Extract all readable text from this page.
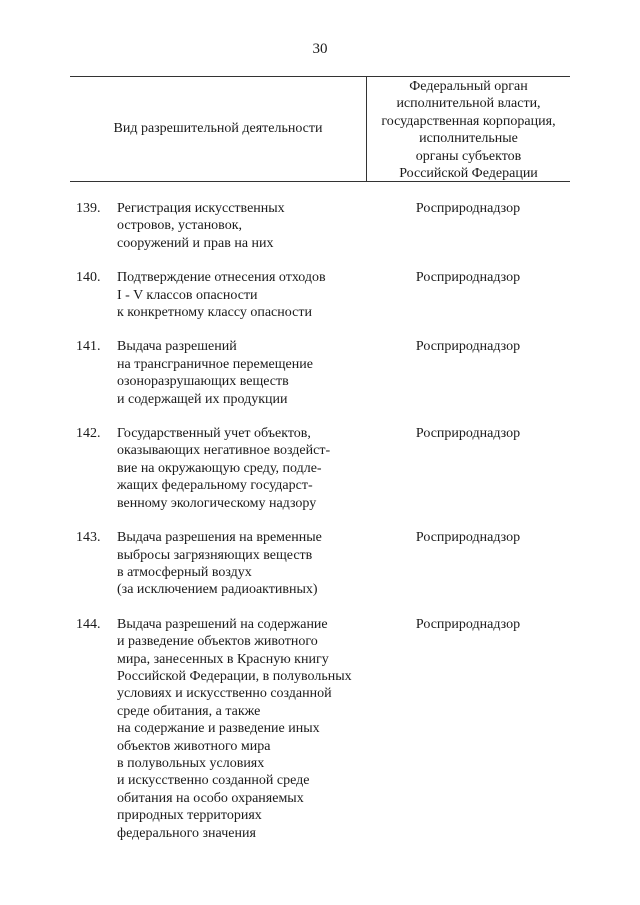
30
Вид разрешительной деятельности
Федеральный орган
исполнительной власти,
государственная корпорация,
исполнительные
органы субъектов
Российской Федерации
139.	Регистрация искусственных
островов, установок,
сооружений и прав на них
Росприроднадзор
140.	Подтверждение отнесения отходов
I - V классов опасности
к конкретному классу опасности
Росприроднадзор
141.	Выдача разрешений
на трансграничное перемещение
озоноразрушающих веществ
и содержащей их продукции
Росприроднадзор
142.	Государственный учет объектов,
оказывающих негативное воздейст-
вие на окружающую среду, подле-
жащих федеральному государст-
венному экологическому надзору
Росприроднадзор
143.	Выдача разрешения на временные
выбросы загрязняющих веществ
в атмосферный воздух
(за исключением радиоактивных)
Росприроднадзор
144.	Выдача разрешений на содержание
и разведение объектов животного
мира, занесенных в Красную книгу
Российской Федерации, в полувольных
условиях и искусственно созданной
среде обитания, а также
на содержание и разведение иных
объектов животного мира
в полувольных условиях
и искусственно созданной среде
обитания на особо охраняемых
природных территориях
федерального значения
Росприроднадзор
